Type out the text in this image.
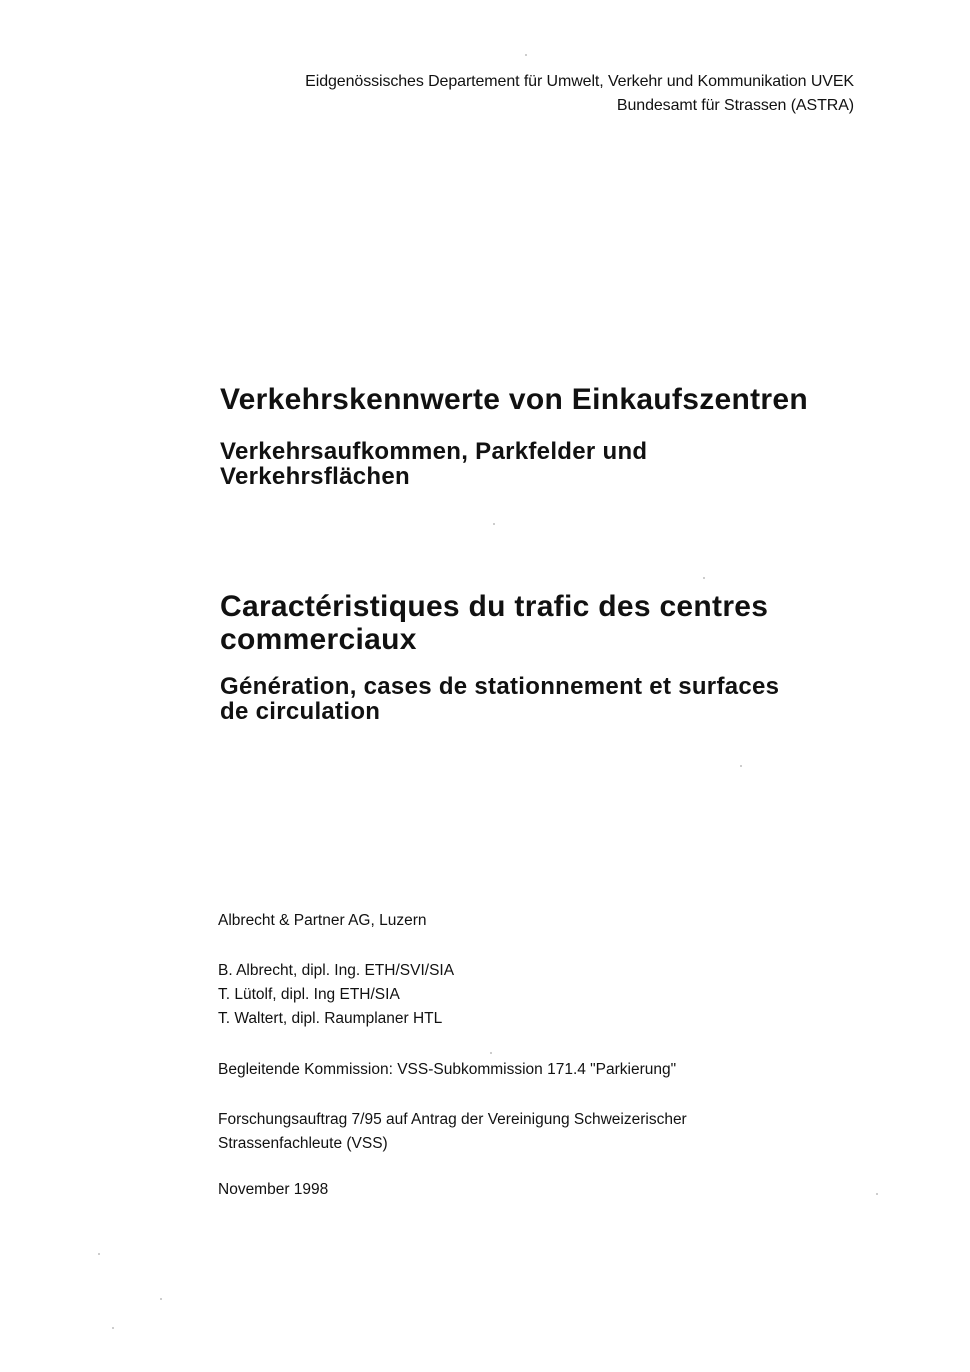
Eidgenössisches Departement für Umwelt, Verkehr und Kommunikation UVEK
Bundesamt für Strassen (ASTRA)
Verkehrskennwerte von Einkaufszentren
Verkehrsaufkommen, Parkfelder und
Verkehrsflächen
Caractéristiques du trafic des centres
commerciaux
Génération, cases de stationnement et surfaces
de circulation
Albrecht & Partner AG, Luzern
B. Albrecht, dipl. Ing. ETH/SVI/SIA
T. Lütolf, dipl. Ing ETH/SIA
T. Waltert, dipl. Raumplaner HTL
Begleitende Kommission: VSS-Subkommission 171.4 "Parkierung"
Forschungsauftrag 7/95 auf Antrag der Vereinigung Schweizerischer
Strassenfachleute (VSS)
November 1998
